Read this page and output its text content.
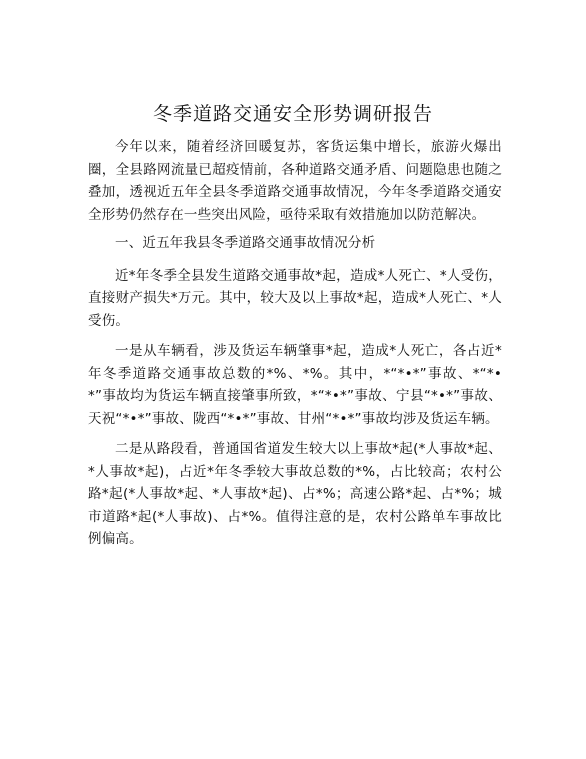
冬季道路交通安全形势调研报告

今年以来，随着经济回暖复苏，客货运集中增长，旅游火爆出圈，全县路网流量已超疫情前，各种道路交通矛盾、问题隐患也随之叠加，透视近五年全县冬季道路交通事故情况，今年冬季道路交通安全形势仍然存在一些突出风险，亟待采取有效措施加以防范解决。

一、近五年我县冬季道路交通事故情况分析

近*年冬季全县发生道路交通事故*起，造成*人死亡、*人受伤，直接财产损失*万元。其中，较大及以上事故*起，造成*人死亡、*人受伤。

一是从车辆看，涉及货运车辆肇事*起，造成*人死亡，各占近*年冬季道路交通事故总数的*%、*%。其中，*“*•*”事故、*“*•*”事故均为货运车辆直接肇事所致，*“*•*”事故、宁县“*•*”事故、天祝“*•*”事故、陇西“*•*”事故、甘州“*•*”事故均涉及货运车辆。

二是从路段看，普通国省道发生较大以上事故*起(*人事故*起、*人事故*起)，占近*年冬季较大事故总数的*%，占比较高；农村公路*起(*人事故*起、*人事故*起)、占*%；高速公路*起、占*%；城市道路*起(*人事故)、占*%。值得注意的是，农村公路单车事故比例偏高。
